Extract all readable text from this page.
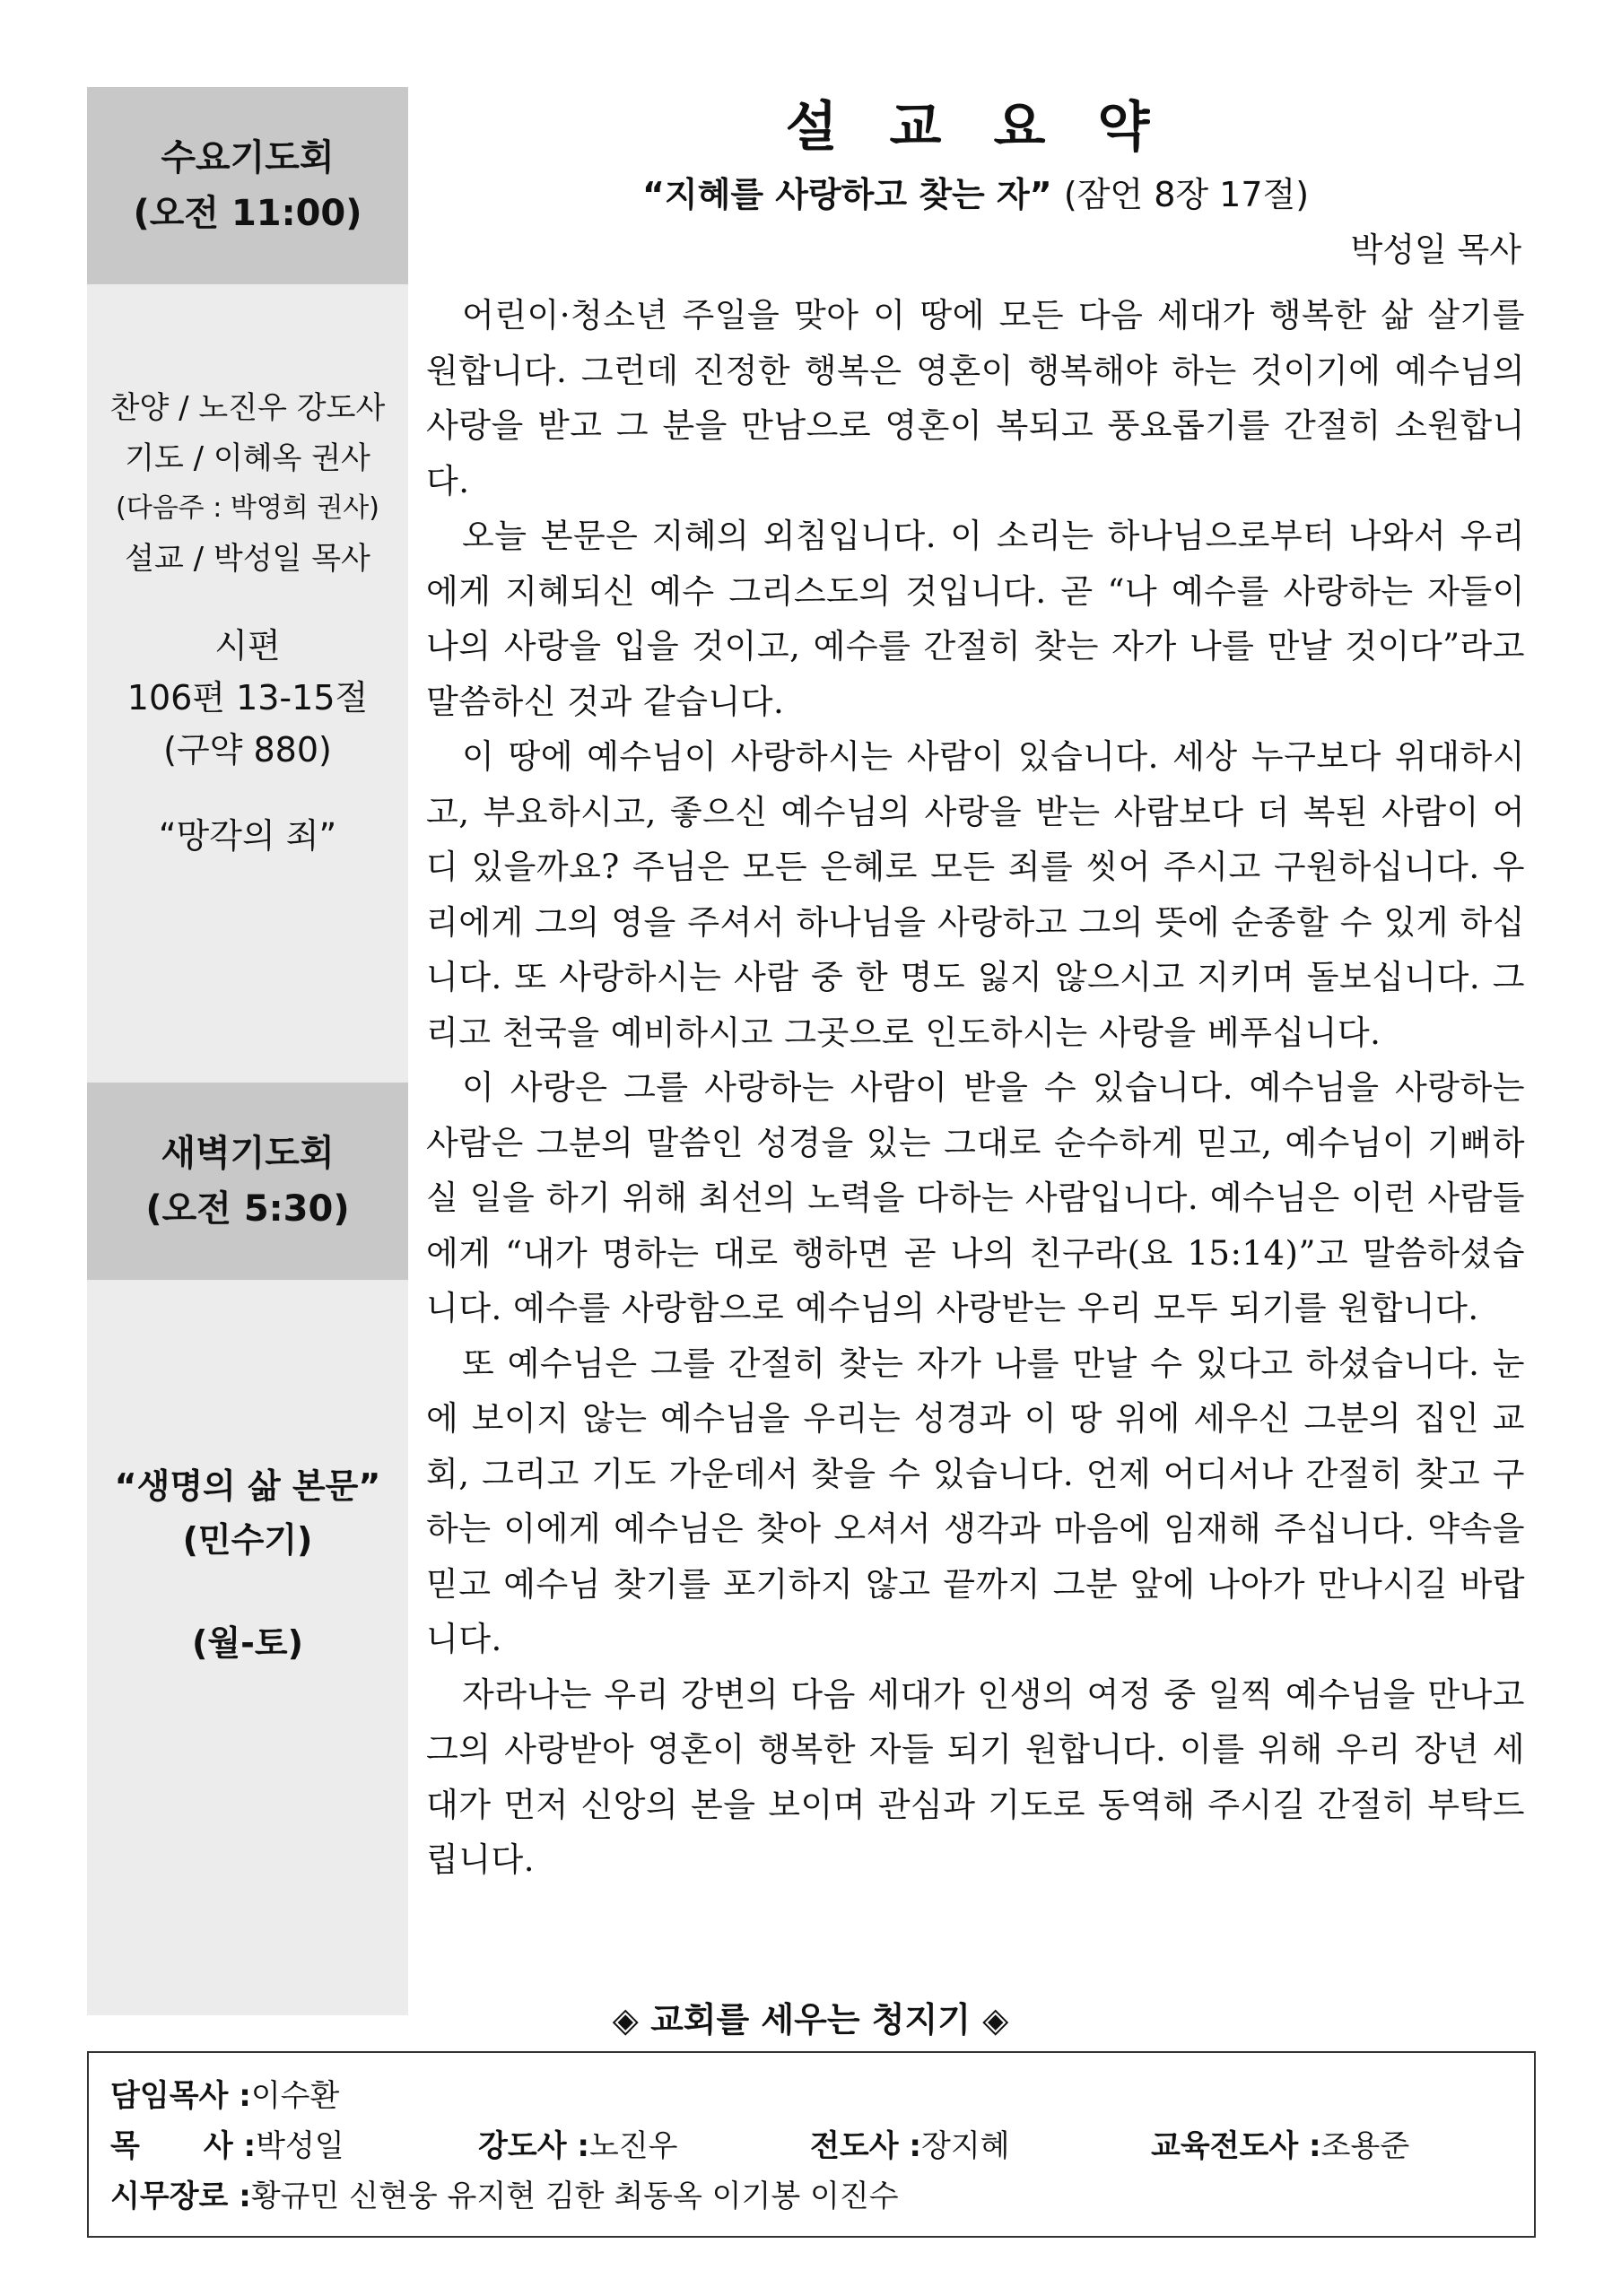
수요기도회
(오전 11:00)
찬양 / 노진우 강도사
기도 / 이혜옥 권사
(다음주 : 박영희 권사)
설교 / 박성일 목사
시편
106편 13-15절
(구약 880)
“망각의 죄”
새벽기도회
(오전 5:30)
“생명의 삶 본문”
(민수기)
(월-토)
설교요약
“지혜를 사랑하고 찾는 자” (잠언 8장 17절)
박성일 목사

어린이·청소년 주일을 맞아 이 땅에 모든 다음 세대가 행복한 삶 살기를 원합니다. 그런데 진정한 행복은 영혼이 행복해야 하는 것이기에 예수님의 사랑을 받고 그 분을 만남으로 영혼이 복되고 풍요롭기를 간절히 소원합니다.

오늘 본문은 지혜의 외침입니다. 이 소리는 하나님으로부터 나와서 우리에게 지혜되신 예수 그리스도의 것입니다. 곧 “나 예수를 사랑하는 자들이 나의 사랑을 입을 것이고, 예수를 간절히 찾는 자가 나를 만날 것이다”라고 말씀하신 것과 같습니다.

이 땅에 예수님이 사랑하시는 사람이 있습니다. 세상 누구보다 위대하시고, 부요하시고, 좋으신 예수님의 사랑을 받는 사람보다 더 복된 사람이 어디 있을까요? 주님은 모든 은혜로 모든 죄를 씻어 주시고 구원하십니다. 우리에게 그의 영을 주셔서 하나님을 사랑하고 그의 뜻에 순종할 수 있게 하십니다. 또 사랑하시는 사람 중 한 명도 잃지 않으시고 지키며 돌보십니다. 그리고 천국을 예비하시고 그곳으로 인도하시는 사랑을 베푸십니다.

이 사랑은 그를 사랑하는 사람이 받을 수 있습니다. 예수님을 사랑하는 사람은 그분의 말씀인 성경을 있는 그대로 순수하게 믿고, 예수님이 기뻐하실 일을 하기 위해 최선의 노력을 다하는 사람입니다. 예수님은 이런 사람들에게 “내가 명하는 대로 행하면 곧 나의 친구라(요 15:14)”고 말씀하셨습니다. 예수를 사랑함으로 예수님의 사랑받는 우리 모두 되기를 원합니다.

또 예수님은 그를 간절히 찾는 자가 나를 만날 수 있다고 하셨습니다. 눈에 보이지 않는 예수님을 우리는 성경과 이 땅 위에 세우신 그분의 집인 교회, 그리고 기도 가운데서 찾을 수 있습니다. 언제 어디서나 간절히 찾고 구하는 이에게 예수님은 찾아 오셔서 생각과 마음에 임재해 주십니다. 약속을 믿고 예수님 찾기를 포기하지 않고 끝까지 그분 앞에 나아가 만나시길 바랍니다.

자라나는 우리 강변의 다음 세대가 인생의 여정 중 일찍 예수님을 만나고 그의 사랑받아 영혼이 행복한 자들 되기 원합니다. 이를 위해 우리 장년 세대가 먼저 신앙의 본을 보이며 관심과 기도로 동역해 주시길 간절히 부탁드립니다.

◈ 교회를 세우는 청지기 ◈
담임목사 : 이수환
목      사 : 박성일	강도사 : 노진우	전도사 : 장지혜	교육전도사 : 조용준
시무장로 : 황규민 신현웅 유지현 김한 최동옥 이기봉 이진수
